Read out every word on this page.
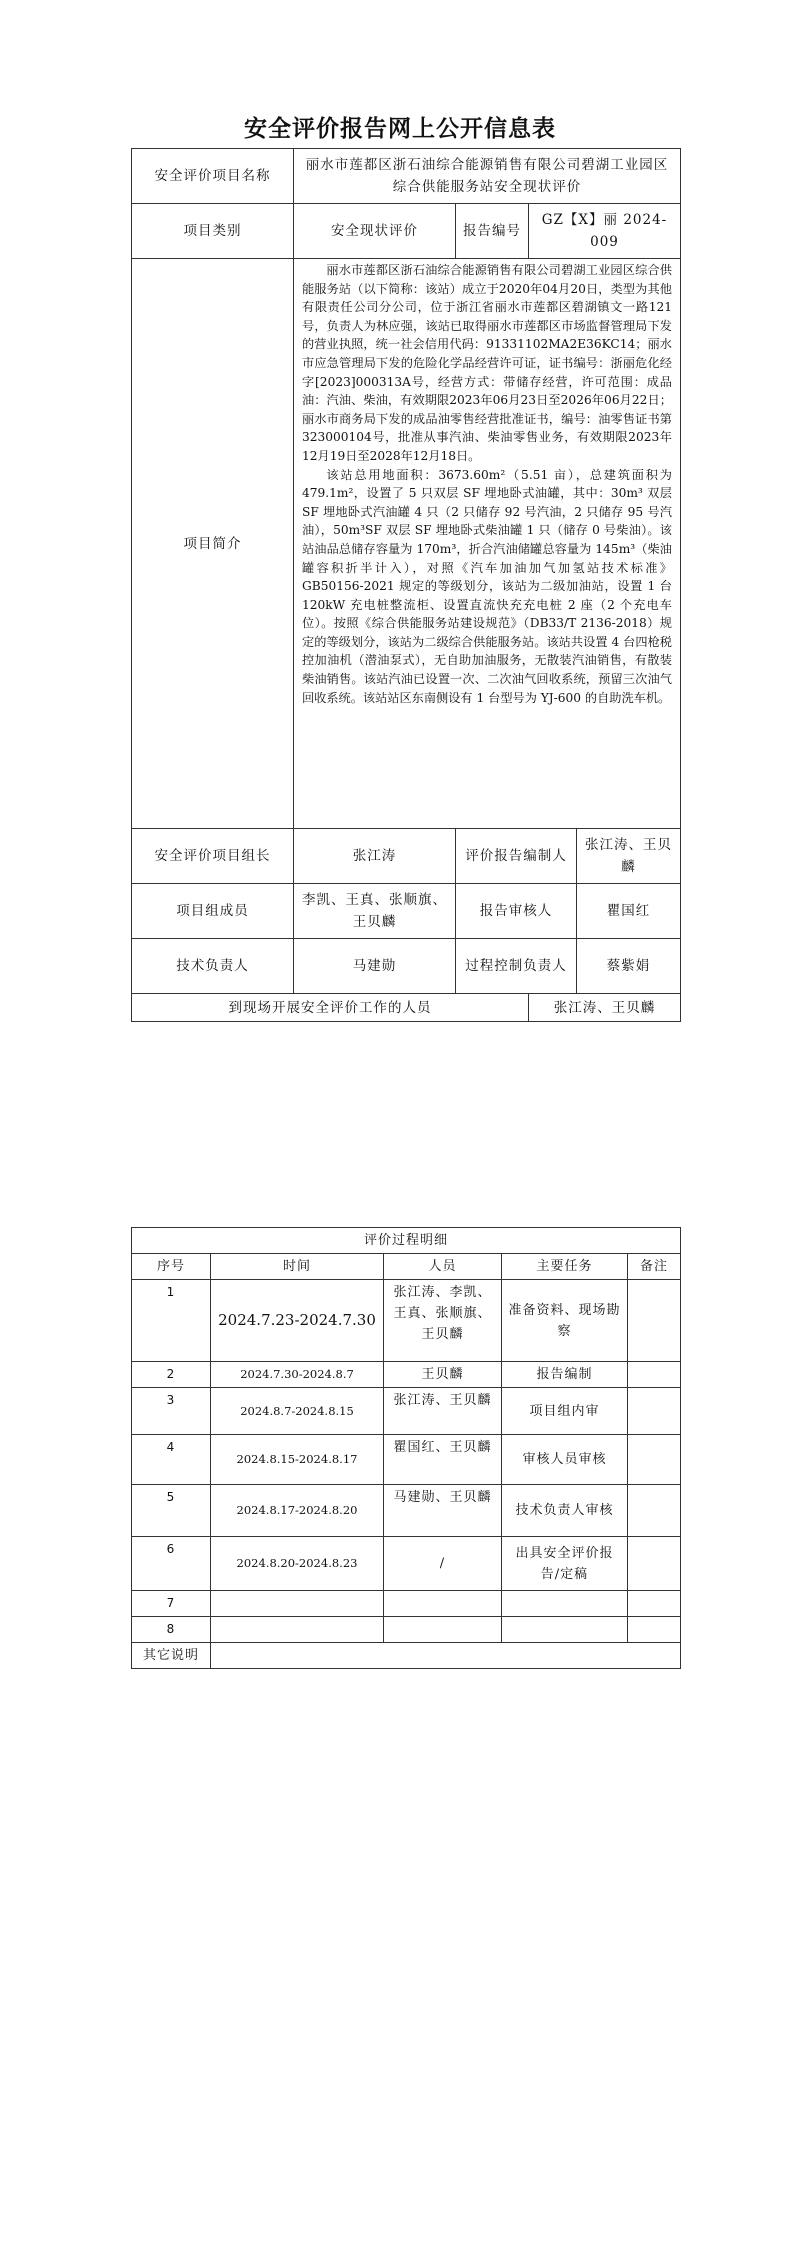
安全评价报告网上公开信息表
安全评价项目名称	丽水市莲都区浙石油综合能源销售有限公司碧湖工业园区综合供能服务站安全现状评价			
项目类别	安全现状评价	报告编号	GZ【X】丽 2024-009	
项目简介	丽水市莲都区浙石油综合能源销售有限公司碧湖工业园区综合供能服务站（以下简称：该站）成立于2020年04月20日，类型为其他有限责任公司分公司，位于浙江省丽水市莲都区碧湖镇文一路121号，负责人为林应强，该站已取得丽水市莲都区市场监督管理局下发的营业执照，统一社会信用代码：91331102MA2E36KC14；丽水市应急管理局下发的危险化学品经营许可证，证书编号：浙丽危化经字[2023]000313A号，经营方式：带储存经营，许可范围：成品油：汽油、柴油，有效期限2023年06月23日至2026年06月22日；丽水市商务局下发的成品油零售经营批准证书，编号：油零售证书第323000104号，批准从事汽油、柴油零售业务，有效期限2023年12月19日至2028年12月18日。

该站总用地面积：3673.60m²（5.51 亩），总建筑面积为479.1m²，设置了 5 只双层 SF 埋地卧式油罐，其中：30m³ 双层 SF 埋地卧式汽油罐 4 只（2 只储存 92 号汽油，2 只储存 95 号汽油），50m³SF 双层 SF 埋地卧式柴油罐 1 只（储存 0 号柴油）。该站油品总储存容量为 170m³，折合汽油储罐总容量为 145m³（柴油罐容积折半计入），对照《汽车加油加气加氢站技术标准》GB50156-2021 规定的等级划分，该站为二级加油站，设置 1 台 120kW 充电桩整流柜、设置直流快充充电桩 2 座（2 个充电车位）。按照《综合供能服务站建设规范》（DB33/T 2136-2018）规定的等级划分，该站为二级综合供能服务站。该站共设置 4 台四枪税控加油机（潜油泵式），无自助加油服务，无散装汽油销售，有散装柴油销售。该站汽油已设置一次、二次油气回收系统，预留三次油气回收系统。该站站区东南侧设有 1 台型号为 YJ-600 的自助洗车机。			

安全评价项目组长	张江涛	评价报告编制人		张江涛、王贝麟
项目组成员	李凯、王真、张顺旗、王贝麟	报告审核人		瞿国红
技术负责人	马建勋	过程控制负责人		蔡紫娟
到现场开展安全评价工作的人员			张江涛、王贝麟	
评价过程明细				
序号	时间	人员	主要任务	备注
1	2024.7.23-2024.7.30	张江涛、李凯、王真、张顺旗、王贝麟	准备资料、现场勘察	
2	2024.7.30-2024.8.7	王贝麟	报告编制	
3	2024.8.7-2024.8.15	张江涛、王贝麟	项目组内审	
4	2024.8.15-2024.8.17	瞿国红、王贝麟	审核人员审核	
5	2024.8.17-2024.8.20	马建勋、王贝麟	技术负责人审核	
6	2024.8.20-2024.8.23	/	出具安全评价报告/定稿	
7				
8				
其它说明				
